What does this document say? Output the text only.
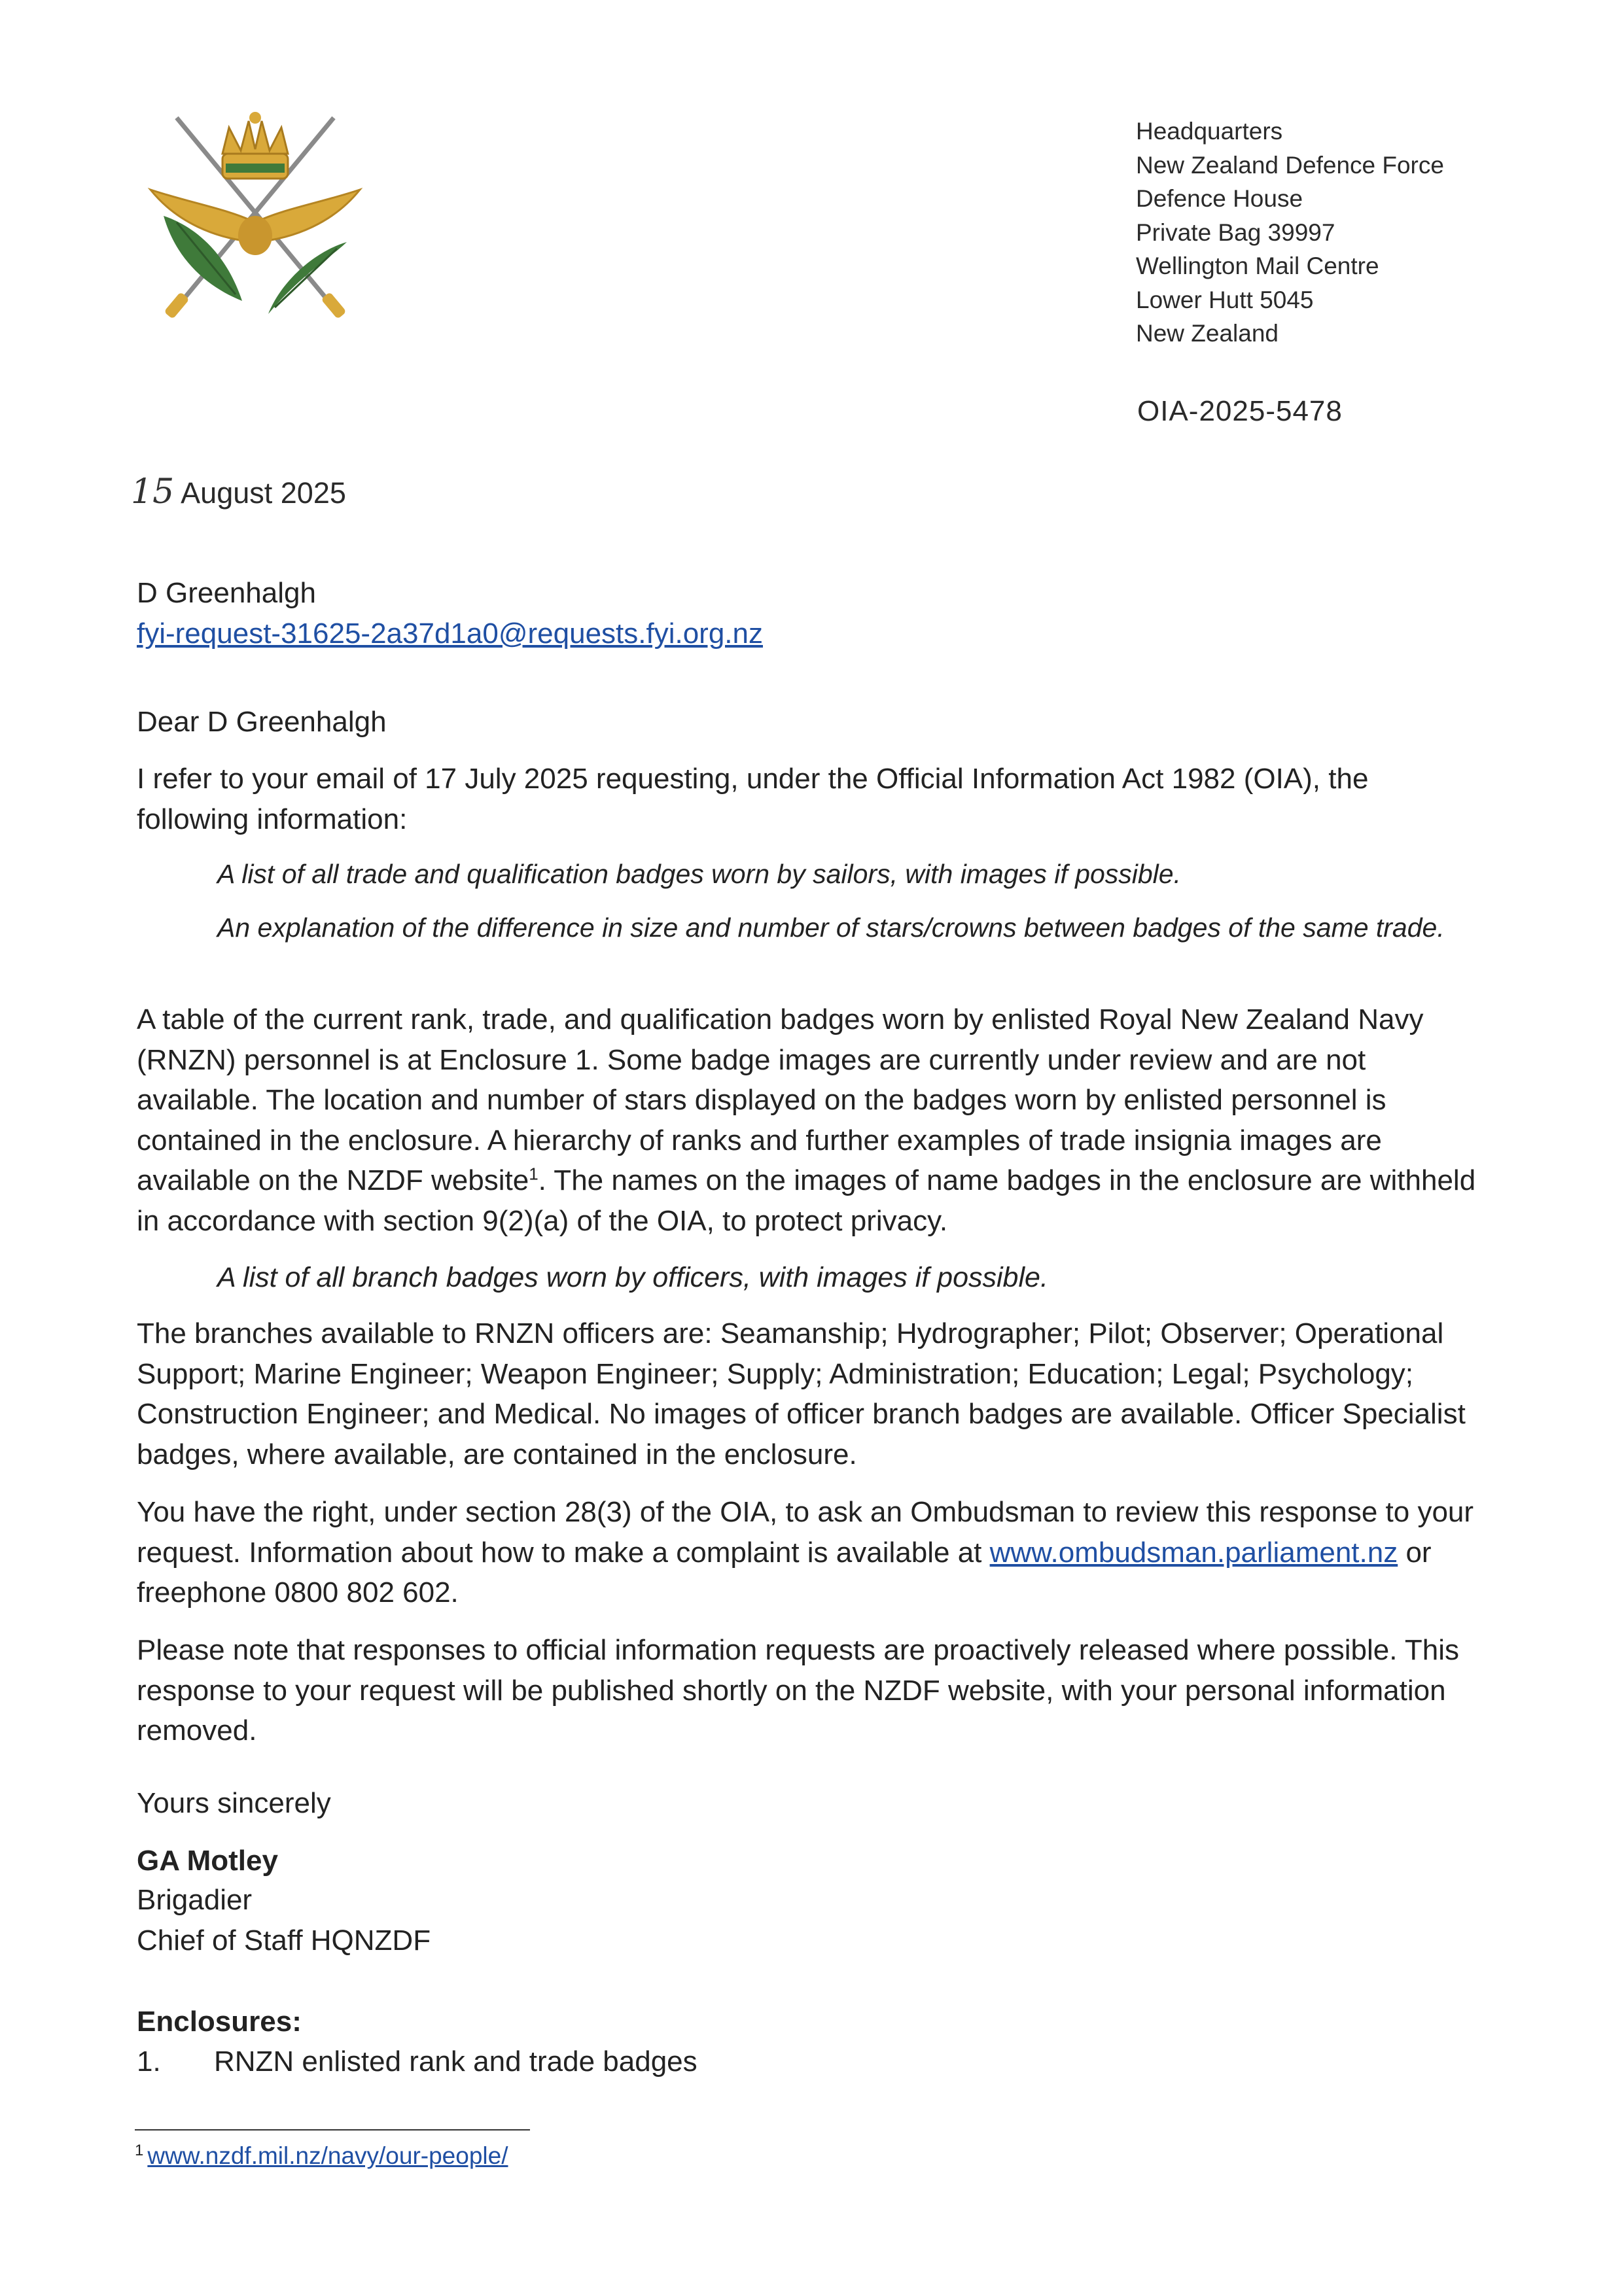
Headquarters
New Zealand Defence Force
Defence House
Private Bag 39997
Wellington Mail Centre
Lower Hutt 5045
New Zealand
OIA-2025-5478
15 August 2025
D Greenhalgh
fyi-request-31625-2a37d1a0@requests.fyi.org.nz

Dear D Greenhalgh

I refer to your email of 17 July 2025 requesting, under the Official Information Act 1982 (OIA), the following information:

A list of all trade and qualification badges worn by sailors, with images if possible.

An explanation of the difference in size and number of stars/crowns between badges of the same trade.

A table of the current rank, trade, and qualification badges worn by enlisted Royal New Zealand Navy (RNZN) personnel is at Enclosure 1. Some badge images are currently under review and are not available. The location and number of stars displayed on the badges worn by enlisted personnel is contained in the enclosure. A hierarchy of ranks and further examples of trade insignia images are available on the NZDF website$^1$. The names on the images of name badges in the enclosure are withheld in accordance with section 9(2)(a) of the OIA, to protect privacy.

A list of all branch badges worn by officers, with images if possible.

The branches available to RNZN officers are: Seamanship; Hydrographer; Pilot; Observer; Operational Support; Marine Engineer; Weapon Engineer; Supply; Administration; Education; Legal; Psychology; Construction Engineer; and Medical. No images of officer branch badges are available. Officer Specialist badges, where available, are contained in the enclosure.

You have the right, under section 28(3) of the OIA, to ask an Ombudsman to review this response to your request. Information about how to make a complaint is available at www.ombudsman.parliament.nz or freephone 0800 802 602.

Please note that responses to official information requests are proactively released where possible. This response to your request will be published shortly on the NZDF website, with your personal information removed.

Yours sincerely

GA Motley

Brigadier

Chief of Staff HQNZDF

Enclosures:

1. RNZN enlisted rank and trade badges
$^1$ www.nzdf.mil.nz/navy/our-people/
